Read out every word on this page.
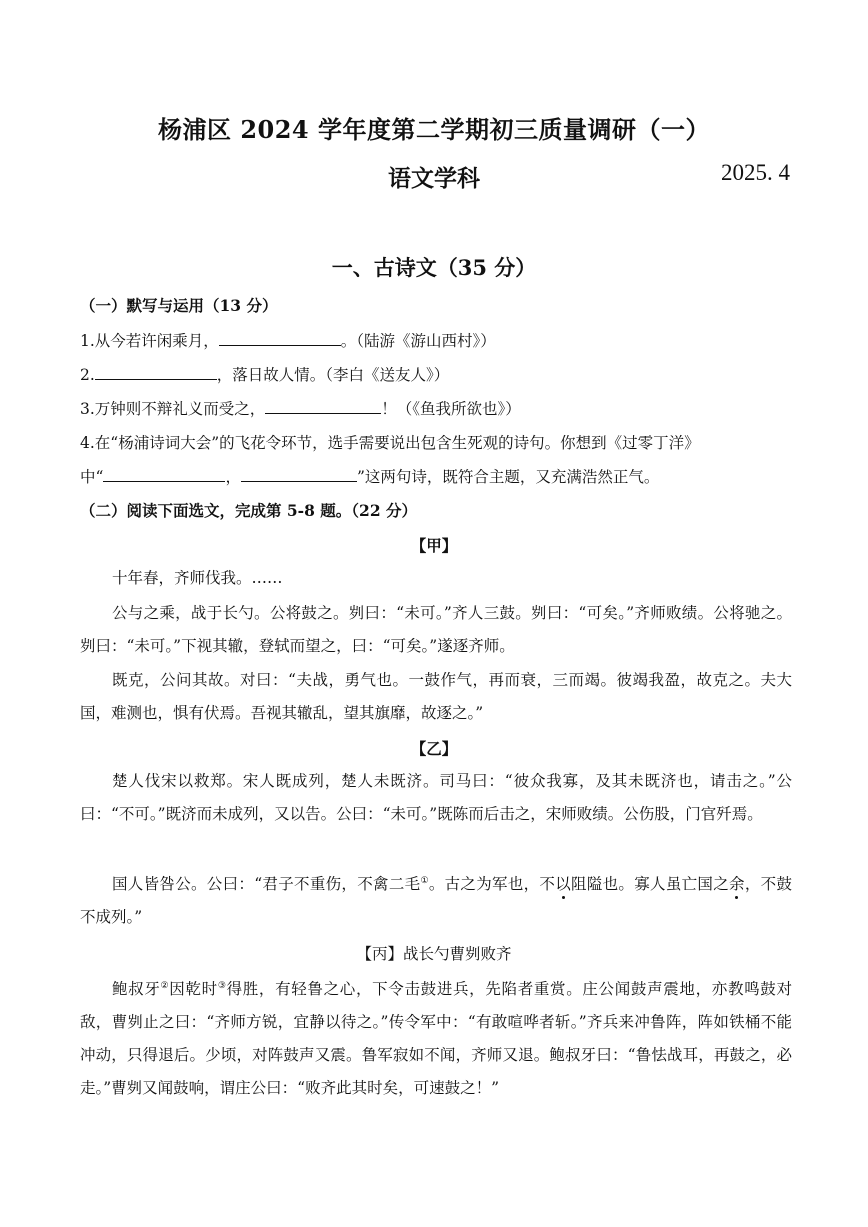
杨浦区 2024 学年度第二学期初三质量调研（一）
语文学科	2025. 4
一、古诗文（35 分）
（一）默写与运用（13 分）
1.从今若许闲乘月，	。（陆游《游山西村》）
2.	，落日故人情。（李白《送友人》）
3.万钟则不辩礼义而受之，	！（《鱼我所欲也》）
4.在“杨浦诗词大会”的飞花令环节，选手需要说出包含生死观的诗句。你想到《过零丁洋》
中“	，	”这两句诗，既符合主题，又充满浩然正气。
（二）阅读下面选文，完成第 5-8 题。（22 分）
【甲】
十年春，齐师伐我。……
公与之乘，战于长勺。公将鼓之。刿曰：“未可。”齐人三鼓。刿曰：“可矣。”齐师败绩。公将驰之。刿曰：“未可。”下视其辙，登轼而望之，曰：“可矣。”遂逐齐师。
既克，公问其故。对曰：“夫战，勇气也。一鼓作气，再而衰，三而竭。彼竭我盈，故克之。夫大国，难测也，惧有伏焉。吾视其辙乱，望其旗靡，故逐之。”
【乙】
楚人伐宋以救郑。宋人既成列，楚人未既济。司马曰：“彼众我寡，及其未既济也，请击之。”公曰：“不可。”既济而未成列，又以告。公曰：“未可。”既陈而后击之，宋师败绩。公伤股，门官歼焉。
国人皆咎公。公曰：“君子不重伤，不禽二毛①。古之为军也，不以阻隘也。寡人虽亡国之余，不鼓不成列。”
【丙】战长勺曹刿败齐
鲍叔牙②因乾时③得胜，有轻鲁之心，下令击鼓进兵，先陷者重赏。庄公闻鼓声震地，亦教鸣鼓对敌，曹刿止之曰：“齐师方锐，宜静以待之。”传令军中：“有敢喧哗者斩。”齐兵来冲鲁阵，阵如铁桶不能冲动，只得退后。少顷，对阵鼓声又震。鲁军寂如不闻，齐师又退。鲍叔牙曰：“鲁怯战耳，再鼓之，必走。”曹刿又闻鼓响，谓庄公曰：“败齐此其时矣，可速鼓之！”
